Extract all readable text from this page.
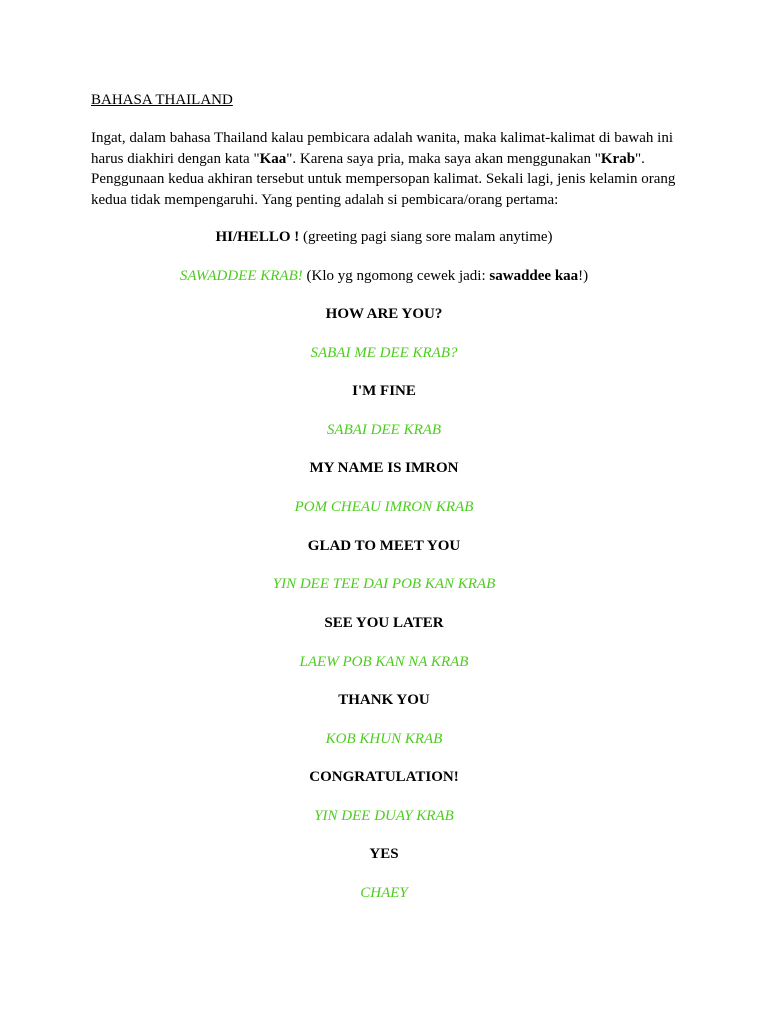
BAHASA THAILAND
Ingat, dalam bahasa Thailand kalau pembicara adalah wanita, maka kalimat-kalimat di bawah ini
harus diakhiri dengan kata "Kaa". Karena saya pria, maka saya akan menggunakan "Krab".
Penggunaan kedua akhiran tersebut untuk mempersopan kalimat. Sekali lagi, jenis kelamin orang
kedua tidak mempengaruhi. Yang penting adalah si pembicara/orang pertama:
HI/HELLO ! (greeting pagi siang sore malam anytime)
SAWADDEE KRAB! (Klo yg ngomong cewek jadi: sawaddee kaa!)
HOW ARE YOU?
SABAI ME DEE KRAB?
I'M FINE
SABAI DEE KRAB
MY NAME IS IMRON
POM CHEAU IMRON KRAB
GLAD TO MEET YOU
YIN DEE TEE DAI POB KAN KRAB
SEE YOU LATER
LAEW POB KAN NA KRAB
THANK YOU
KOB KHUN KRAB
CONGRATULATION!
YIN DEE DUAY KRAB
YES
CHAEY
